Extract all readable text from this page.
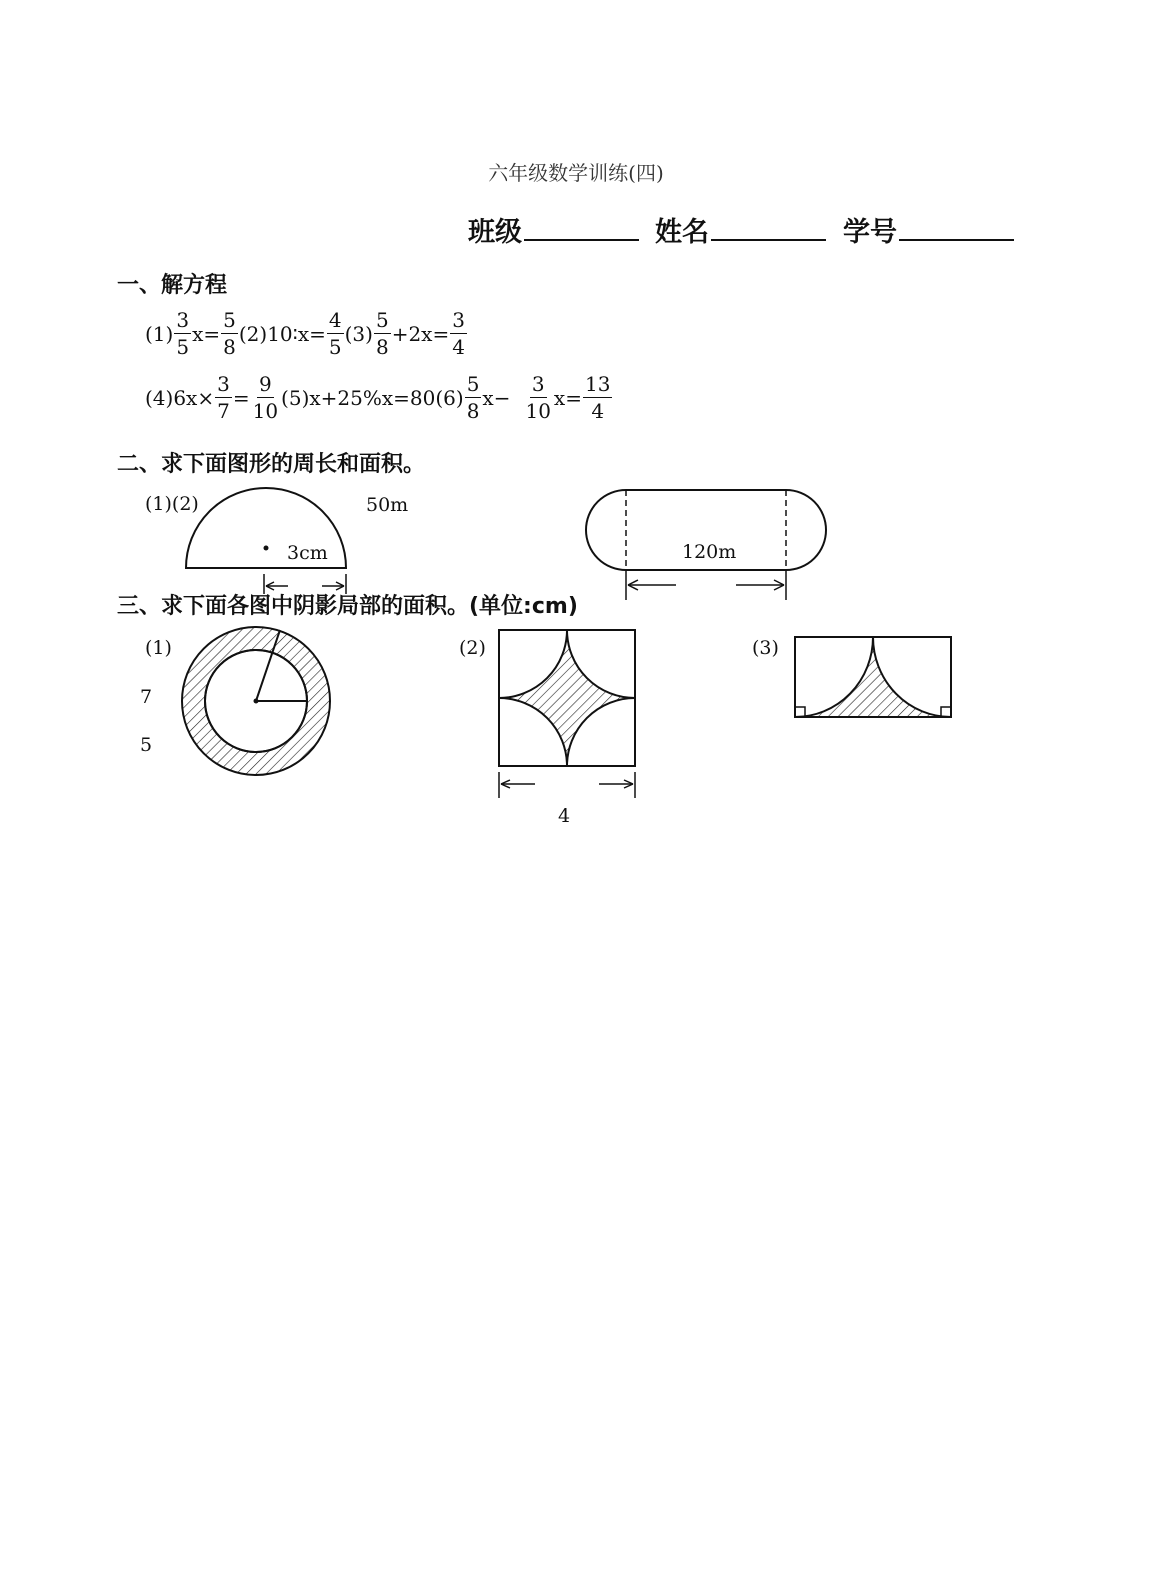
六年级数学训练(四)
班级	姓名	学号
一、解方程
$(1) \frac{3}{5} x= \frac{5}{8}$ (2)10∶x= $\frac{4}{5} (3) \frac{5}{8} +2x= \frac{3}{4}$
$(4)6x\times \frac{3}{7} = \frac{9}{10} (5)x+25\%x=80(6) \frac{5}{8} x- \frac{3}{10} x= \frac{13}{4}$
二、求下面图形的周长和面积。
(1)(2)	50m
3cm	120m
三、求下面各图中阴影局部的面积。(单位:cm)
(1)
7
5
(2)
4
(3)
